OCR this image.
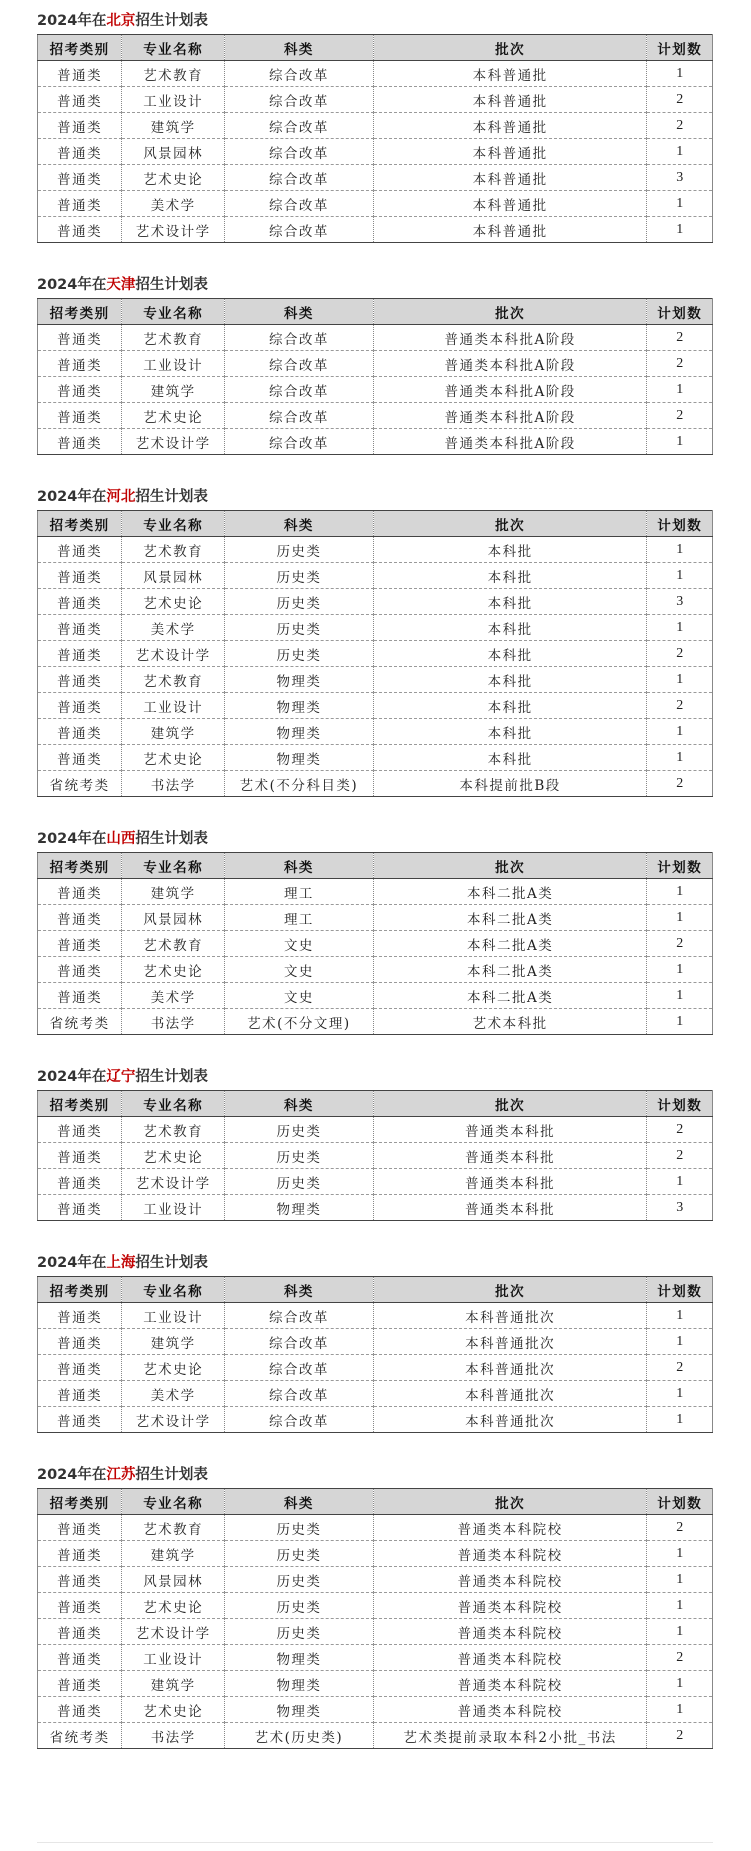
2024年在北京招生计划表
招考类别	专业名称	科类	批次	计划数
普通类	艺术教育	综合改革	本科普通批	1
普通类	工业设计	综合改革	本科普通批	2
普通类	建筑学	综合改革	本科普通批	2
普通类	风景园林	综合改革	本科普通批	1
普通类	艺术史论	综合改革	本科普通批	3
普通类	美术学	综合改革	本科普通批	1
普通类	艺术设计学	综合改革	本科普通批	1
2024年在天津招生计划表
招考类别	专业名称	科类	批次	计划数
普通类	艺术教育	综合改革	普通类本科批A阶段	2
普通类	工业设计	综合改革	普通类本科批A阶段	2
普通类	建筑学	综合改革	普通类本科批A阶段	1
普通类	艺术史论	综合改革	普通类本科批A阶段	2
普通类	艺术设计学	综合改革	普通类本科批A阶段	1
2024年在河北招生计划表
招考类别	专业名称	科类	批次	计划数
普通类	艺术教育	历史类	本科批	1
普通类	风景园林	历史类	本科批	1
普通类	艺术史论	历史类	本科批	3
普通类	美术学	历史类	本科批	1
普通类	艺术设计学	历史类	本科批	2
普通类	艺术教育	物理类	本科批	1
普通类	工业设计	物理类	本科批	2
普通类	建筑学	物理类	本科批	1
普通类	艺术史论	物理类	本科批	1
省统考类	书法学	艺术(不分科目类)	本科提前批B段	2
2024年在山西招生计划表
招考类别	专业名称	科类	批次	计划数
普通类	建筑学	理工	本科二批A类	1
普通类	风景园林	理工	本科二批A类	1
普通类	艺术教育	文史	本科二批A类	2
普通类	艺术史论	文史	本科二批A类	1
普通类	美术学	文史	本科二批A类	1
省统考类	书法学	艺术(不分文理)	艺术本科批	1
2024年在辽宁招生计划表
招考类别	专业名称	科类	批次	计划数
普通类	艺术教育	历史类	普通类本科批	2
普通类	艺术史论	历史类	普通类本科批	2
普通类	艺术设计学	历史类	普通类本科批	1
普通类	工业设计	物理类	普通类本科批	3
2024年在上海招生计划表
招考类别	专业名称	科类	批次	计划数
普通类	工业设计	综合改革	本科普通批次	1
普通类	建筑学	综合改革	本科普通批次	1
普通类	艺术史论	综合改革	本科普通批次	2
普通类	美术学	综合改革	本科普通批次	1
普通类	艺术设计学	综合改革	本科普通批次	1
2024年在江苏招生计划表
招考类别	专业名称	科类	批次	计划数
普通类	艺术教育	历史类	普通类本科院校	2
普通类	建筑学	历史类	普通类本科院校	1
普通类	风景园林	历史类	普通类本科院校	1
普通类	艺术史论	历史类	普通类本科院校	1
普通类	艺术设计学	历史类	普通类本科院校	1
普通类	工业设计	物理类	普通类本科院校	2
普通类	建筑学	物理类	普通类本科院校	1
普通类	艺术史论	物理类	普通类本科院校	1
省统考类	书法学	艺术(历史类)	艺术类提前录取本科2小批_书法	2
